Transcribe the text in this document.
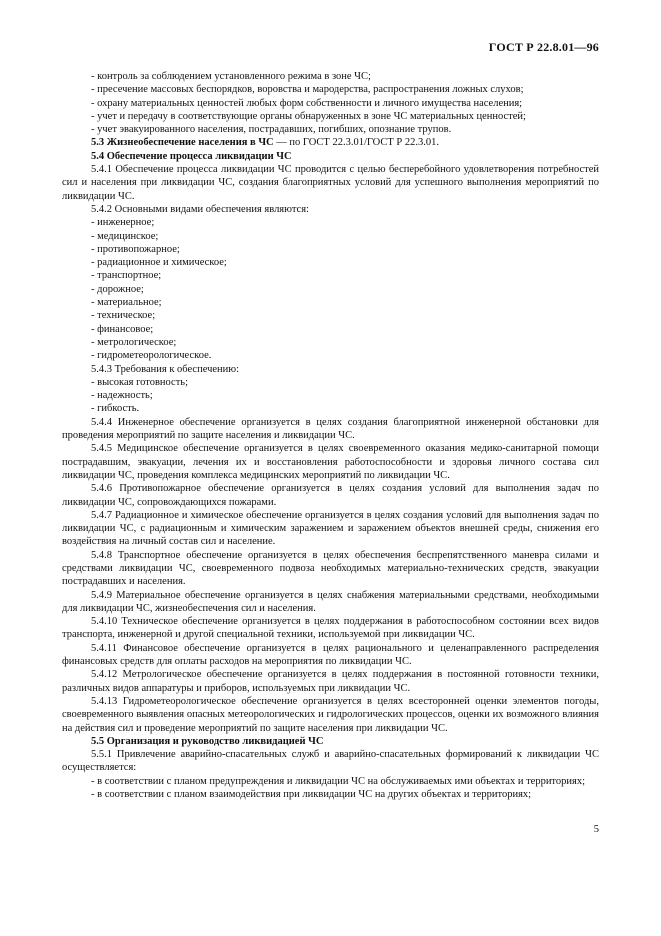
ГОСТ Р 22.8.01—96
- контроль за соблюдением установленного режима в зоне ЧС;
- пресечение массовых беспорядков, воровства и мародерства, распространения ложных слухов;
- охрану материальных ценностей любых форм собственности и личного имущества населения;
- учет и передачу в соответствующие органы обнаруженных в зоне ЧС материальных ценностей;
- учет эвакуированного населения, пострадавших, погибших, опознание трупов.
5.3 Жизнеобеспечение населения в ЧС — по ГОСТ 22.3.01/ГОСТ Р 22.3.01.
5.4 Обеспечение процесса ликвидации ЧС

5.4.1 Обеспечение процесса ликвидации ЧС проводится с целью бесперебойного удовлетворения потребностей сил и населения при ликвидации ЧС, создания благоприятных условий для успешного выполнения мероприятий по ликвидации ЧС.

5.4.2 Основными видами обеспечения являются:

- инженерное;
- медицинское;
- противопожарное;
- радиационное и химическое;
- транспортное;
- дорожное;
- материальное;
- техническое;
- финансовое;
- метрологическое;
- гидрометеорологическое.

5.4.3 Требования к обеспечению:

- высокая готовность;
- надежность;
- гибкость.

5.4.4 Инженерное обеспечение организуется в целях создания благоприятной инженерной обстановки для проведения мероприятий по защите населения и ликвидации ЧС.

5.4.5 Медицинское обеспечение организуется в целях своевременного оказания медико-санитарной помощи пострадавшим, эвакуации, лечения их и восстановления работоспособности и здоровья личного состава сил ликвидации ЧС, проведения комплекса медицинских мероприятий по ликвидации ЧС.

5.4.6 Противопожарное обеспечение организуется в целях создания условий для выполнения задач по ликвидации ЧС, сопровождающихся пожарами.

5.4.7 Радиационное и химическое обеспечение организуется в целях создания условий для выполнения задач по ликвидации ЧС, с радиационным и химическим заражением и заражением объектов внешней среды, снижения его воздействия на личный состав сил и население.

5.4.8 Транспортное обеспечение организуется в целях обеспечения беспрепятственного маневра силами и средствами ликвидации ЧС, своевременного подвоза необходимых материально-технических средств, эвакуации пострадавших и населения.

5.4.9 Материальное обеспечение организуется в целях снабжения материальными средствами, необходимыми для ликвидации ЧС, жизнеобеспечения сил и населения.

5.4.10 Техническое обеспечение организуется в целях поддержания в работоспособном состоянии всех видов транспорта, инженерной и другой специальной техники, используемой при ликвидации ЧС.

5.4.11 Финансовое обеспечение организуется в целях рационального и целенаправленного распределения финансовых средств для оплаты расходов на мероприятия по ликвидации ЧС.

5.4.12 Метрологическое обеспечение организуется в целях поддержания в постоянной готовности техники, различных видов аппаратуры и приборов, используемых при ликвидации ЧС.

5.4.13 Гидрометеорологическое обеспечение организуется в целях всесторонней оценки элементов погоды, своевременного выявления опасных метеорологических и гидрологических процессов, оценки их возможного влияния на действия сил и проведение мероприятий по защите населения при ликвидации ЧС.

5.5 Организация и руководство ликвидацией ЧС

5.5.1 Привлечение аварийно-спасательных служб и аварийно-спасательных формирований к ликвидации ЧС осуществляется:

- в соответствии с планом предупреждения и ликвидации ЧС на обслуживаемых ими объектах и территориях;

- в соответствии с планом взаимодействия при ликвидации ЧС на других объектах и территориях;

5
